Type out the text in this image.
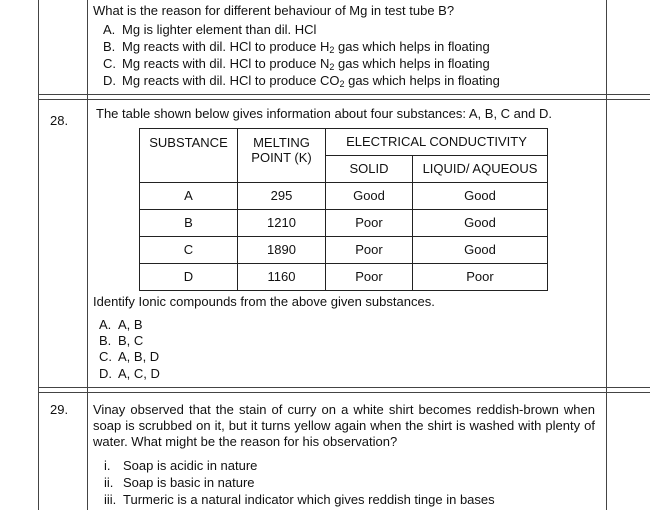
What is the reason for different behaviour of Mg in test tube B?
A. Mg is lighter element than dil. HCl
B. Mg reacts with dil. HCl to produce $H_2$ gas which helps in floating
C. Mg reacts with dil. HCl to produce $N_2$ gas which helps in floating
D. Mg reacts with dil. HCl to produce $CO_2$ gas which helps in floating
28. The table shown below gives information about four substances: A, B, C and D.
SUBSTANCE	MELTING POINT (K)	ELECTRICAL CONDUCTIVITY	
		SOLID	LIQUID/ AQUEOUS
A	295	Good	Good
B	1210	Poor	Good
C	1890	Poor	Good
D	1160	Poor	Poor
Identify Ionic compounds from the above given substances.
A. A, B
B. B, C
C. A, B, D
D. A, C, D
29. Vinay observed that the stain of curry on a white shirt becomes reddish-brown when soap is scrubbed on it, but it turns yellow again when the shirt is washed with plenty of water. What might be the reason for his observation?
i. Soap is acidic in nature
ii. Soap is basic in nature
iii. Turmeric is a natural indicator which gives reddish tinge in bases
